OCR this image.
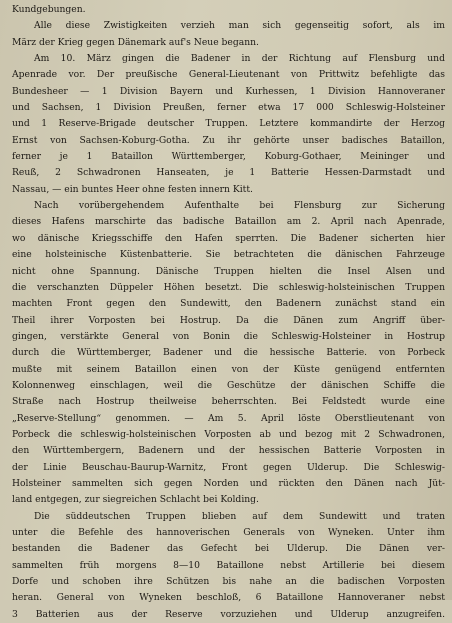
Kundgebungen.
Alle diese Zwistigkeiten verzieh man sich gegenseitig sofort, als im
März der Krieg gegen Dänemark auf's Neue begann.
Am 10. März gingen die Badener in der Richtung auf Flensburg und
Apenrade vor. Der preußische General-Lieutenant von Prittwitz befehligte das
Bundesheer — 1 Division Bayern und Kurhessen, 1 Division Hannoveraner
und Sachsen, 1 Division Preußen, ferner etwa 17 000 Schleswig-Holsteiner
und 1 Reserve-Brigade deutscher Truppen. Letztere kommandirte der Herzog
Ernst von Sachsen-Koburg-Gotha. Zu ihr gehörte unser badisches Bataillon,
ferner je 1 Bataillon Württemberger, Koburg-Gothaer, Meininger und
Reuß, 2 Schwadronen Hanseaten, je 1 Batterie Hessen-Darmstadt und
Nassau, — ein buntes Heer ohne festen innern Kitt.
Nach vorübergehendem Aufenthalte bei Flensburg zur Sicherung
dieses Hafens marschirte das badische Bataillon am 2. April nach Apenrade,
wo dänische Kriegsschiffe den Hafen sperrten. Die Badener sicherten hier
eine holsteinische Küstenbatterie. Sie betrachteten die dänischen Fahrzeuge
nicht ohne Spannung. Dänische Truppen hielten die Insel Alsen und
die verschanzten Düppeler Höhen besetzt. Die schleswig-holsteinischen Truppen
machten Front gegen den Sundewitt, den Badenern zunächst stand ein
Theil ihrer Vorposten bei Hostrup. Da die Dänen zum Angriff über-
gingen, verstärkte General von Bonin die Schleswig-Holsteiner in Hostrup
durch die Württemberger, Badener und die hessische Batterie. von Porbeck
mußte mit seinem Bataillon einen von der Küste genügend entfernten
Kolonnenweg einschlagen, weil die Geschütze der dänischen Schiffe die
Straße nach Hostrup theilweise beherrschten. Bei Feldstedt wurde eine
„Reserve-Stellung“ genommen. — Am 5. April löste Oberstlieutenant von
Porbeck die schleswig-holsteinischen Vorposten ab und bezog mit 2 Schwadronen,
den Württembergern, Badenern und der hessischen Batterie Vorposten in
der Linie Beuschau-Baurup-Warnitz, Front gegen Ulderup. Die Schleswig-
Holsteiner sammelten sich gegen Norden und rückten den Dänen nach Jüt-
land entgegen, zur siegreichen Schlacht bei Kolding.
Die süddeutschen Truppen blieben auf dem Sundewitt und traten
unter die Befehle des hannoverischen Generals von Wyneken. Unter ihm
bestanden die Badener das Gefecht bei Ulderup. Die Dänen ver-
sammelten früh morgens 8—10 Bataillone nebst Artillerie bei diesem
Dorfe und schoben ihre Schützen bis nahe an die badischen Vorposten
heran. General von Wyneken beschloß, 6 Bataillone Hannoveraner nebst
3 Batterien aus der Reserve vorzuziehen und Ulderup anzugreifen.
